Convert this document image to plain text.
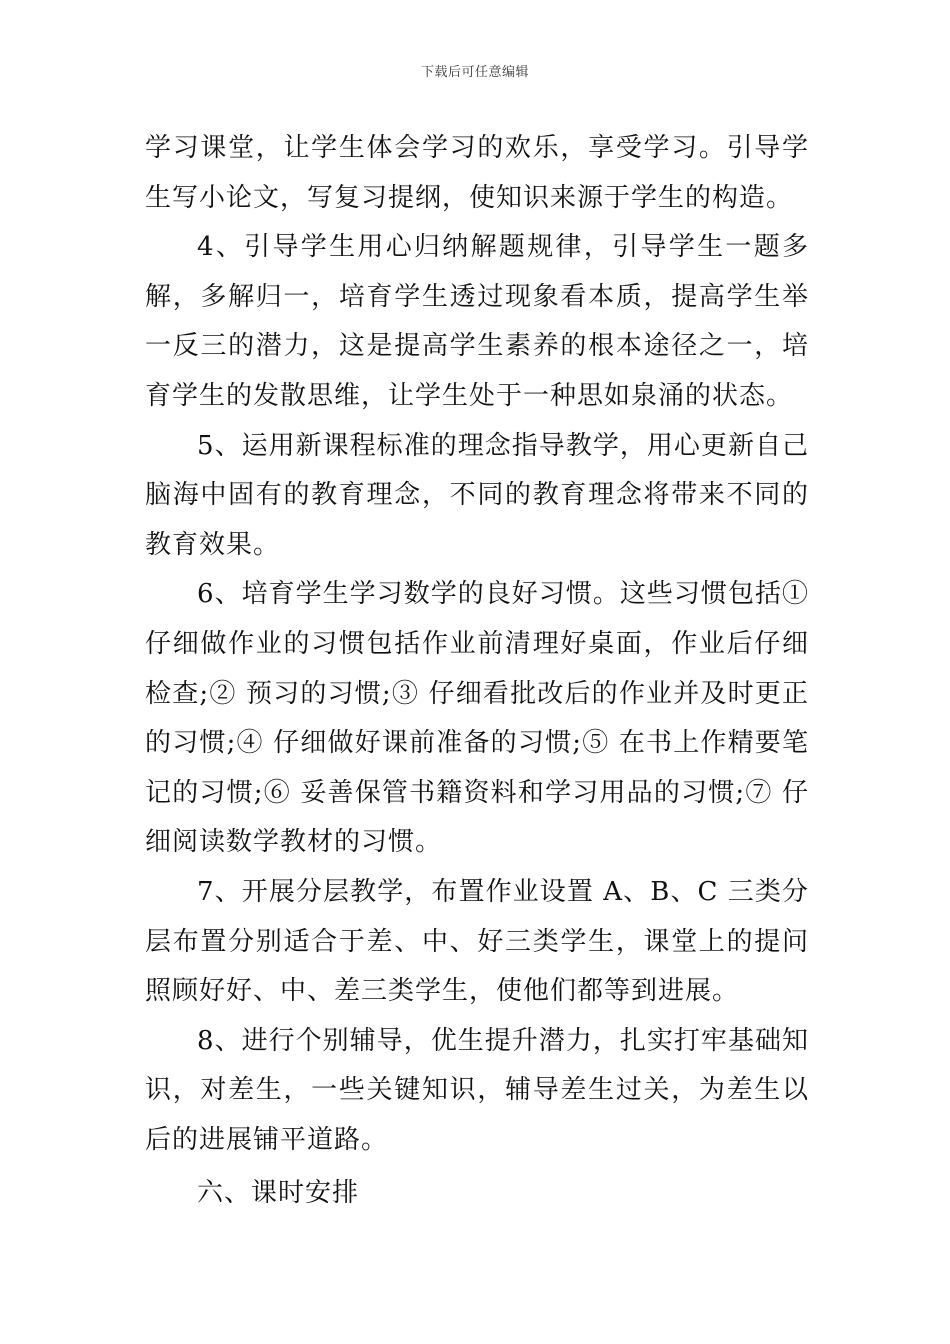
下载后可任意编辑

学习课堂，让学生体会学习的欢乐，享受学习。引导学生写小论文，写复习提纲，使知识来源于学生的构造。

4、引导学生用心归纳解题规律，引导学生一题多解，多解归一，培育学生透过现象看本质，提高学生举一反三的潜力，这是提高学生素养的根本途径之一，培育学生的发散思维，让学生处于一种思如泉涌的状态。

5、运用新课程标准的理念指导教学，用心更新自己脑海中固有的教育理念，不同的教育理念将带来不同的教育效果。

6、培育学生学习数学的良好习惯。这些习惯包括①仔细做作业的习惯包括作业前清理好桌面，作业后仔细检查;② 预习的习惯;③ 仔细看批改后的作业并及时更正的习惯;④ 仔细做好课前准备的习惯;⑤ 在书上作精要笔记的习惯;⑥ 妥善保管书籍资料和学习用品的习惯;⑦ 仔细阅读数学教材的习惯。

7、开展分层教学，布置作业设置 A、B、C 三类分层布置分别适合于差、中、好三类学生，课堂上的提问照顾好好、中、差三类学生，使他们都等到进展。

8、进行个别辅导，优生提升潜力，扎实打牢基础知识，对差生，一些关键知识，辅导差生过关，为差生以后的进展铺平道路。

六、课时安排
